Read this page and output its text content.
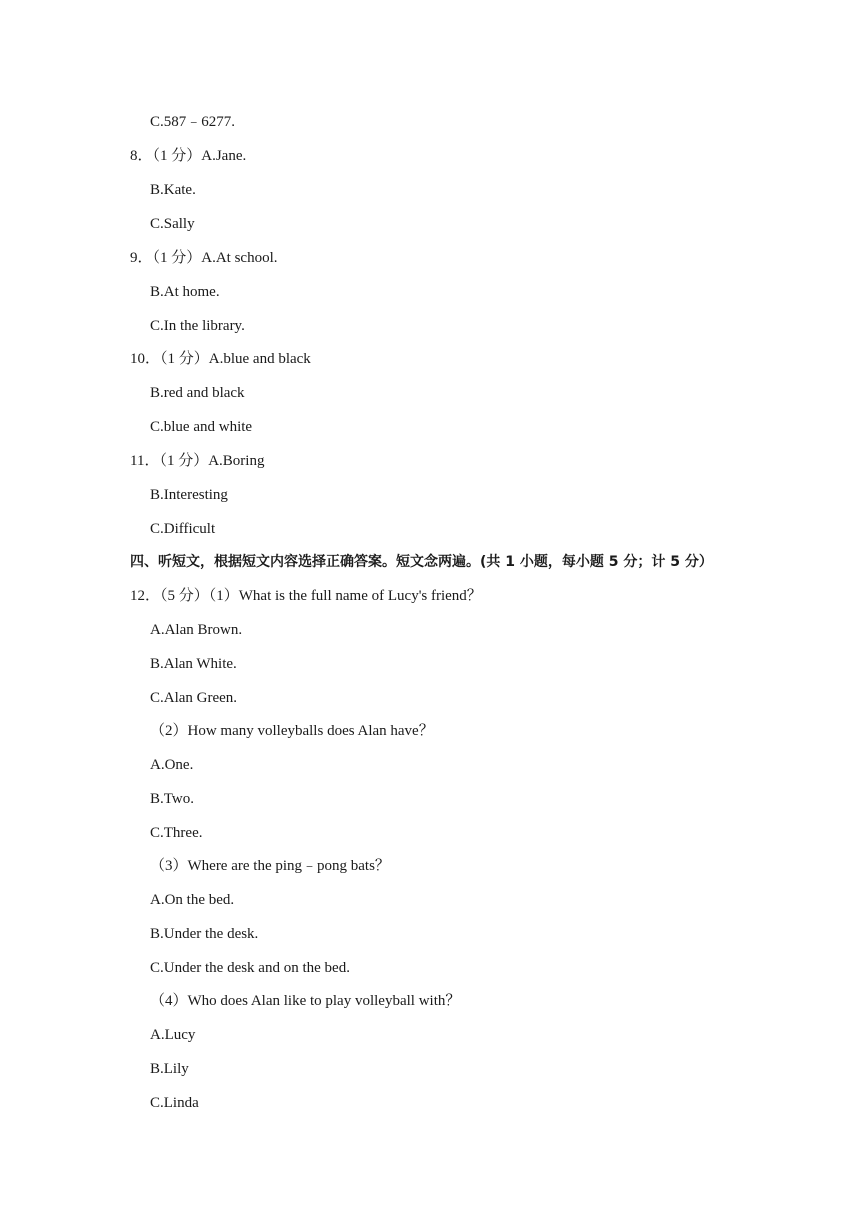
C.587﹣6277.
8．（1 分）A.Jane.
B.Kate.
C.Sally
9．（1 分）A.At school.
B.At home.
C.In the library.
10．（1 分）A.blue and black
B.red and black
C.blue and white
11．（1 分）A.Boring
B.Interesting
C.Difficult
四、听短文，根据短文内容选择正确答案。短文念两遍。(共 1 小题，每小题 5 分；计 5 分）
12．（5 分）（1）What is the full name of Lucy's friend？
A.Alan Brown.
B.Alan White.
C.Alan Green.
（2）How many volleyballs does Alan have？
A.One.
B.Two.
C.Three.
（3）Where are the ping﹣pong bats？
A.On the bed.
B.Under the desk.
C.Under the desk and on the bed.
（4）Who does Alan like to play volleyball with？
A.Lucy
B.Lily
C.Linda
